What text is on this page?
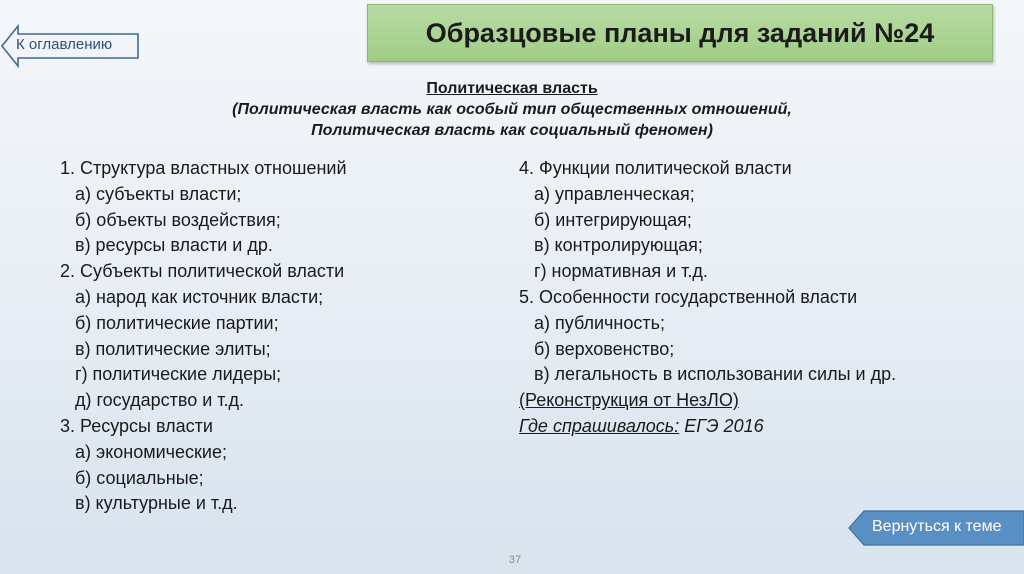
К оглавлению	Образцовые планы для заданий №24
Политическая власть
(Политическая власть как особый тип общественных отношений,
Политическая власть как социальный феномен)
1. Структура властных отношений
а) субъекты власти;
б) объекты воздействия;
в) ресурсы власти и др.
2. Субъекты политической власти
а) народ как источник власти;
б) политические партии;
в) политические элиты;
г) политические лидеры;
д) государство и т.д.
3. Ресурсы власти
а) экономические;
б) социальные;
в) культурные и т.д.
4. Функции политической власти
а) управленческая;
б) интегрирующая;
в) контролирующая;
г) нормативная и т.д.
5. Особенности государственной власти
а) публичность;
б) верховенство;
в) легальность в использовании силы и др.
(Реконструкция от НезЛО)
Где спрашивалось: ЕГЭ 2016
Вернуться к теме
37
